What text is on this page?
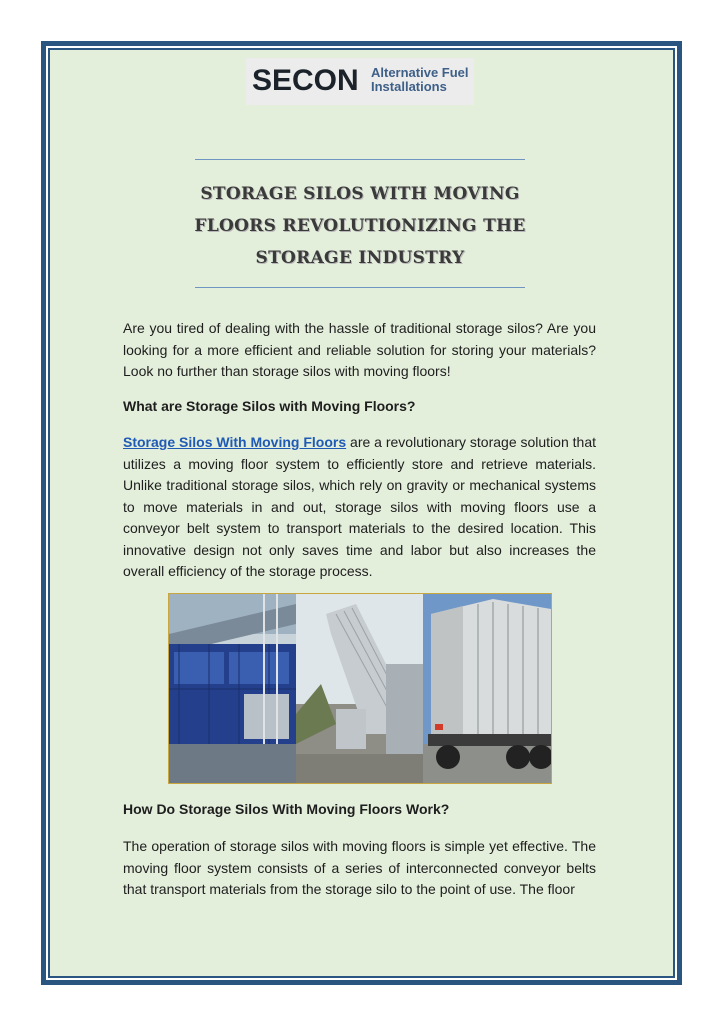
SECON Alternative Fuel
Installations
STORAGE SILOS WITH MOVING
FLOORS REVOLUTIONIZING THE
STORAGE INDUSTRY

Are you tired of dealing with the hassle of traditional storage silos? Are you looking for a more efficient and reliable solution for storing your materials? Look no further than storage silos with moving floors!

What are Storage Silos with Moving Floors?

Storage Silos With Moving Floors are a revolutionary storage solution that utilizes a moving floor system to efficiently store and retrieve materials. Unlike traditional storage silos, which rely on gravity or mechanical systems to move materials in and out, storage silos with moving floors use a conveyor belt system to transport materials to the desired location. This innovative design not only saves time and labor but also increases the overall efficiency of the storage process.

How Do Storage Silos With Moving Floors Work?

The operation of storage silos with moving floors is simple yet effective. The moving floor system consists of a series of interconnected conveyor belts that transport materials from the storage silo to the point of use. The floor
